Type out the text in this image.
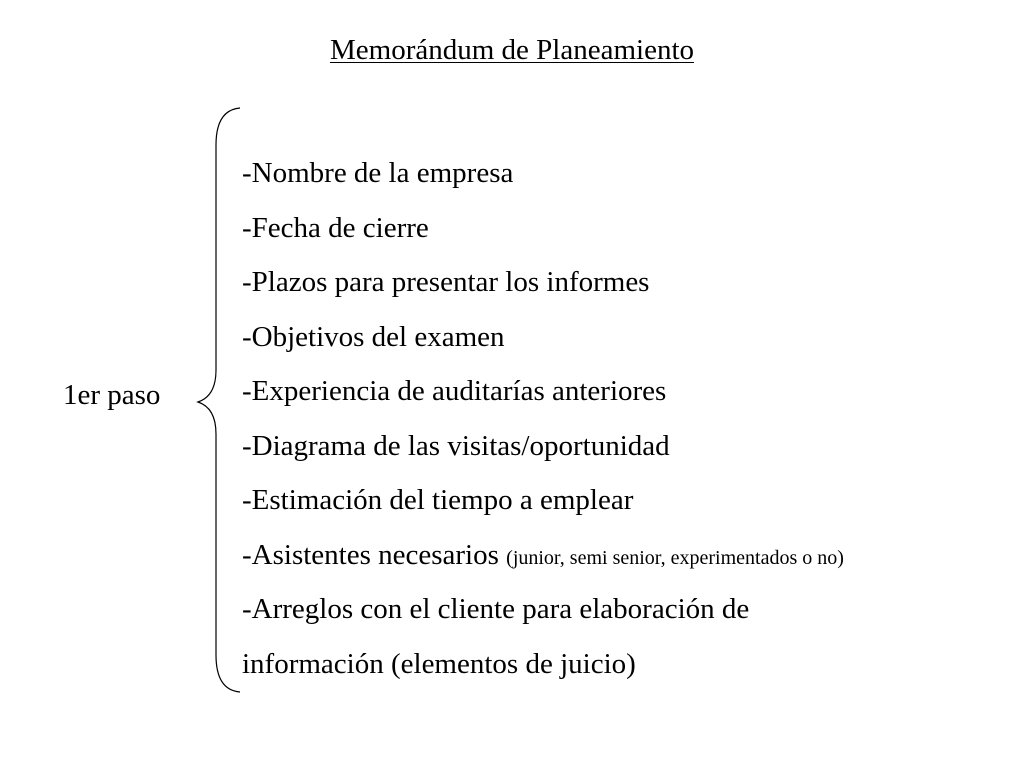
Memorándum de Planeamiento
1er paso
-Nombre de la empresa
-Fecha de cierre
-Plazos para presentar los informes
-Objetivos del examen
-Experiencia de auditarías anteriores
-Diagrama de las visitas/oportunidad
-Estimación del tiempo a emplear
-Asistentes necesarios (junior, semi senior, experimentados o no)
-Arreglos con el cliente para elaboración de
información (elementos de juicio)
